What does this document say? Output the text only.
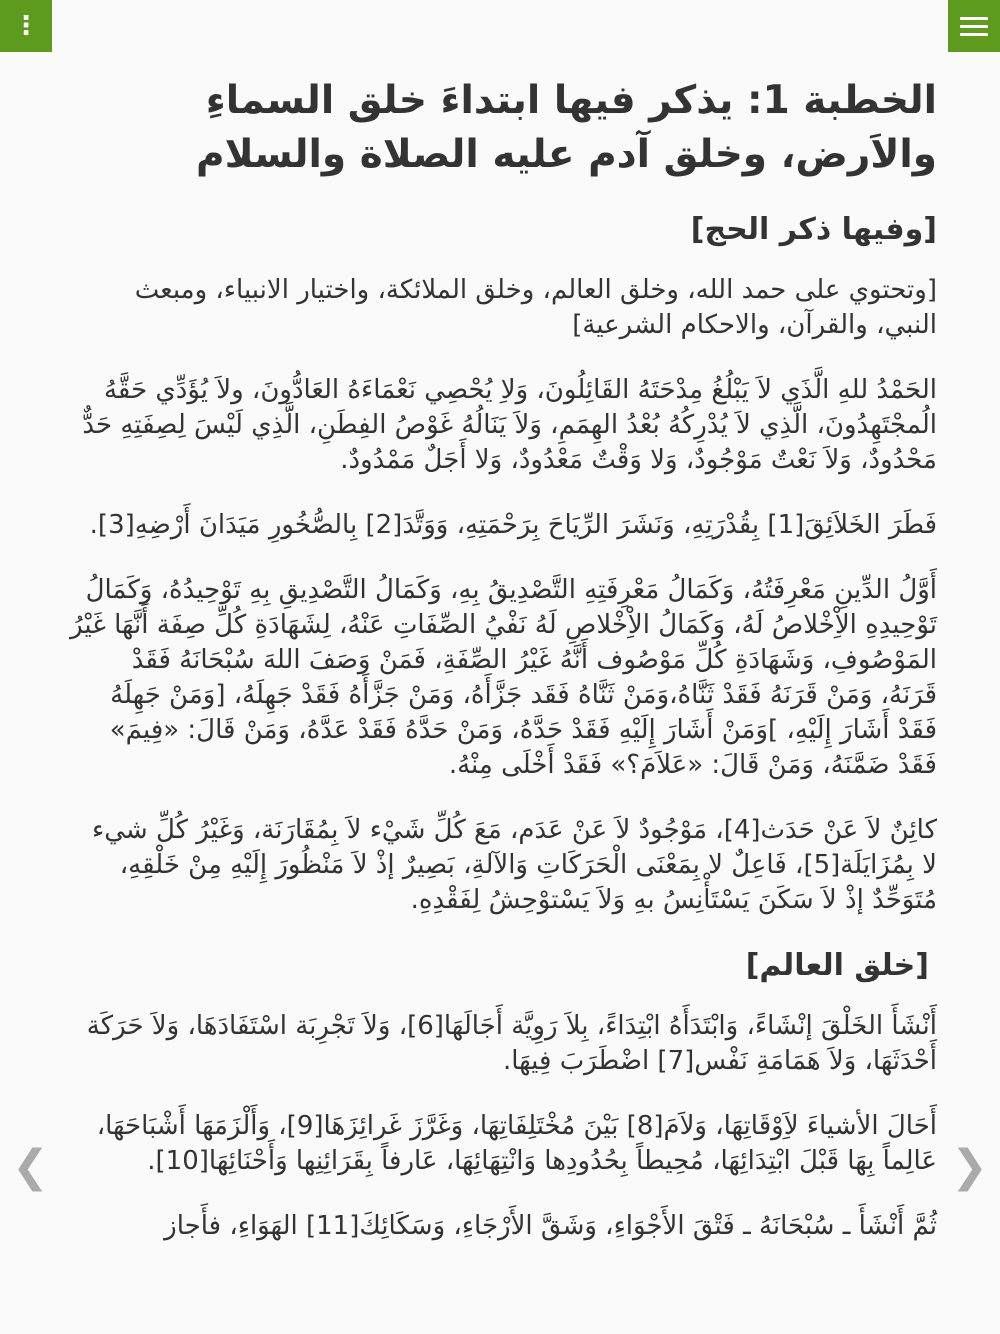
⋮
الخطبة 1: يذكر فيها ابتداءَ خلق السماءِ والاَرض، وخلق آدم عليه الصلاة والسلام
[وفيها ذكر الحج]

[وتحتوي على حمد الله، وخلق العالم، وخلق الملائكة، واختيار الانبياء، ومبعث النبي، والقرآن، والاحكام الشرعية]

الحَمْدُ للهِ الَّذَي لاَ يَبْلُغُ مِدْحَتَهُ القَائِلُونَ، وَلاِ يُحْصِي نَعْمَاءَهُ العَادُّونَ، ولاَ يُؤَدِّي حَقَّهُ الُمجْتَهِدُونَ، الَّذِي لاَ يُدْرِكُهُ بُعْدُ الهِمَمِ، وَلاَ يَنَالُهُ غَوْصُ الفِطَنِ، الَّذِي لَيْسَ لِصِفَتِهِ حَدٌّ مَحْدُودٌ، وَلاَ نَعْتٌ مَوْجُودٌ، وَلا وَقْتٌ مَعْدُودٌ، وَلا أَجَلٌ مَمْدُودٌ.

فَطَرَ الخَلاَئِقَ[1] بِقُدْرَتِهِ، وَنَشَرَ الرِّيَاحَ بِرَحْمَتِهِ، وَوَتَّدَ[2] بِالصُّخُورِ مَيَدَانَ أَرْضِهِ[3].

أَوَّلُ الدِّينِ مَعْرِفَتُهُ، وَكَمَالُ مَعْرِفَتِهِ التَّصْدِيقُ بِهِ، وَكَمَالُ التَّصْدِيقِ بِهِ تَوْحِيدُهُ، وَكَمَالُ تَوْحِيدِهِ الاِْخْلاصُ لَهُ، وَكَمَالُ الاِْخْلاصِ لَهُ نَفْيُ الصِّفَاتِ عَنْهُ، لِشَهَادَةِ كُلِّ صِفَة أَنَّهَا غَيْرُ المَوْصُوفِ، وَشَهَادَةِ كُلِّ مَوْصُوف أَنَّهُ غَيْرُ الصِّفَةِ، فَمَنْ وَصَفَ اللهَ سُبْحَانَهُ فَقَدْ قَرَنَهُ، وَمَنْ قَرَنَهُ فَقَدْ ثَنَّاهُ،وَمَنْ ثَنَّاهُ فَقَد جَزَّأَهُ، وَمَنْ جَزَّأَهُ فَقَدْ جَهِلَهُ، [وَمَنْ جَهِلَهُ فَقَدْ أَشَارَ إِلَيْهِ، ]وَمَنْ أَشَارَ إِلَيْهِ فَقَدْ حَدَّهُ، وَمَنْ حَدَّهُ فَقَدْ عَدَّهُ، وَمَنْ قَالَ: «فِيمَ» فَقَدْ ضَمَّنَهُ، وَمَنْ قَالَ: «عَلاَمَ؟» فَقَدْ أَخْلَى مِنْهُ.

كائِنٌ لاَ عَنْ حَدَث[4]، مَوْجُودٌ لاَ عَنْ عَدَم، مَعَ كُلِّ شَيْء لاَ بِمُقَارَنَة، وَغَيْرُ كُلِّ شيء لا بِمُزَايَلَة[5]، فَاعِلٌ لا بِمَعْنَى الْحَرَكَاتِ وَالآلةِ، بَصِيرٌ إذْ لاَ مَنْظُورَ إِلَيْهِ مِنْ خَلْقِهِ، مُتَوَحِّدٌ إذْ لاَ سَكَنَ يَسْتَأْنِسُ بهِ وَلاَ يَسْتوْحِشُ لِفَقْدِهِ.

[خلق العالم]

أَنْشَأَ الخَلْقَ إنْشَاءً، وَابْتَدَأَهُ ابْتِدَاءً، بِلاَ رَوِيَّة أَجَالَهَا[6]، وَلاَ تَجْرِبَة اسْتَفَادَهَا، وَلاَ حَرَكَة أَحْدَثَهَا، وَلاَ هَمَامَةِ نَفْس[7] اضْطَرَبَ فِيهَا.

أَحَالَ الأشياءَ لاَِوْقَاتِهَا، وَلاََمَ[8] بَيْنَ مُخْتَلِفَاتِهَا، وَغَرَّزَ غَرائِزَهَا[9]، وَأَلْزَمَهَا أَشْبَاحَهَا، عَالِماً بِهَا قَبْلَ ابْتِدَائِهَا، مُحِيطاً بِحُدُودِها وَانْتِهَائِهَا، عَارفاً بِقَرَائِنِها وَأَحْنَائِهَا[10].

ثُمَّ أَنْشَأَ ـ سُبْحَانَهُ ـ فَتْقَ الأَجْوَاءِ، وَشَقَّ الأَرْجَاءِ، وَسَكَائِكَ[11] الهَوَاءِ، فأَجاز

❮	❯
